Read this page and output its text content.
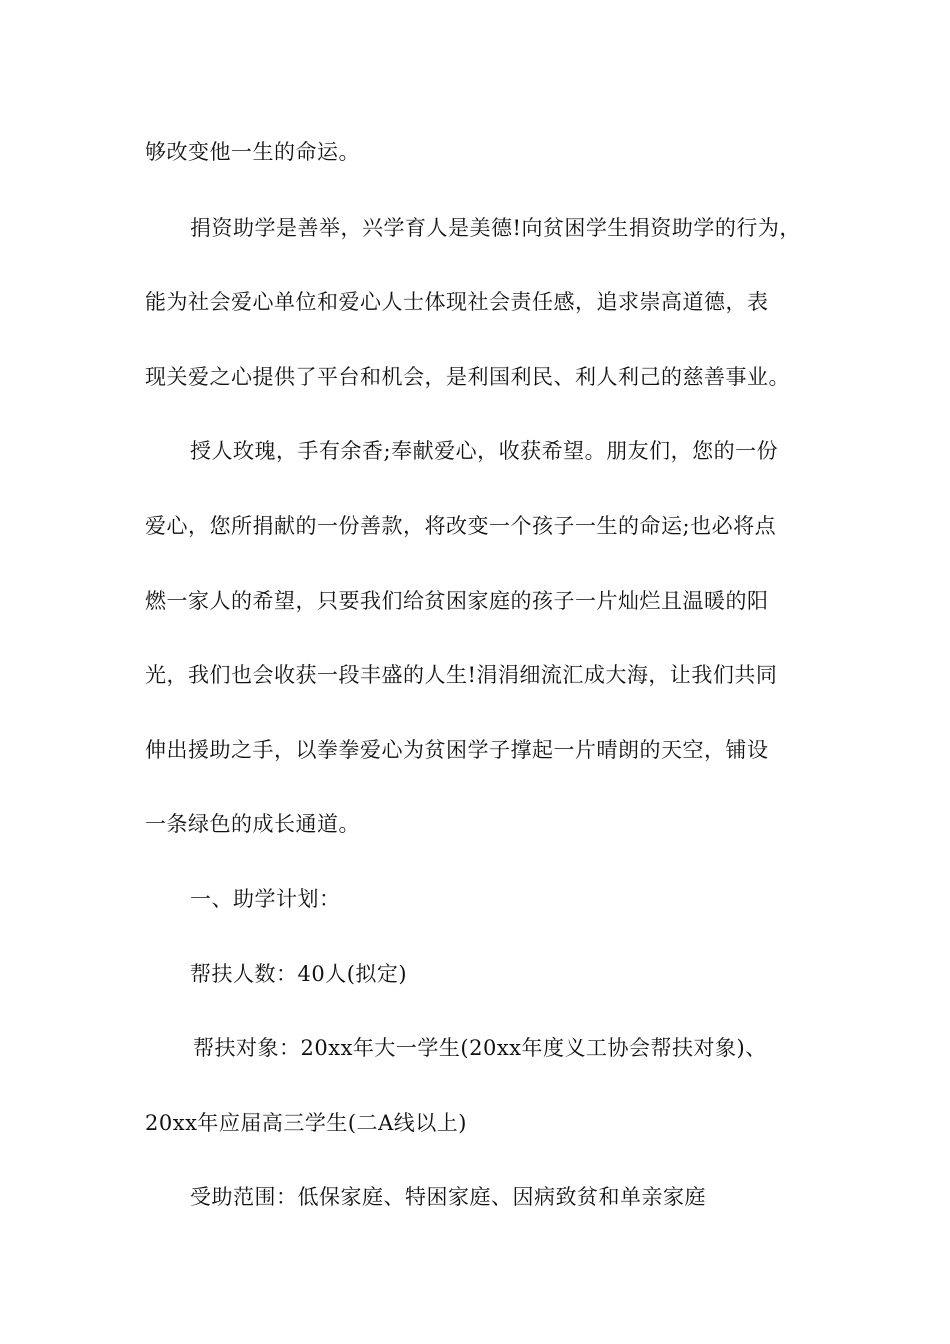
够改变他一生的命运。
捐资助学是善举，兴学育人是美德!向贫困学生捐资助学的行为，
能为社会爱心单位和爱心人士体现社会责任感，追求崇高道德，表
现关爱之心提供了平台和机会，是利国利民、利人利己的慈善事业。
授人玫瑰，手有余香;奉献爱心，收获希望。朋友们，您的一份
爱心，您所捐献的一份善款，将改变一个孩子一生的命运;也必将点
燃一家人的希望，只要我们给贫困家庭的孩子一片灿烂且温暖的阳
光，我们也会收获一段丰盛的人生!涓涓细流汇成大海，让我们共同
伸出援助之手，以拳拳爱心为贫困学子撑起一片晴朗的天空，铺设
一条绿色的成长通道。
一、助学计划：
帮扶人数：40人(拟定)
帮扶对象：20xx年大一学生(20xx年度义工协会帮扶对象)、
20xx年应届高三学生(二A线以上)
受助范围：低保家庭、特困家庭、因病致贫和单亲家庭
